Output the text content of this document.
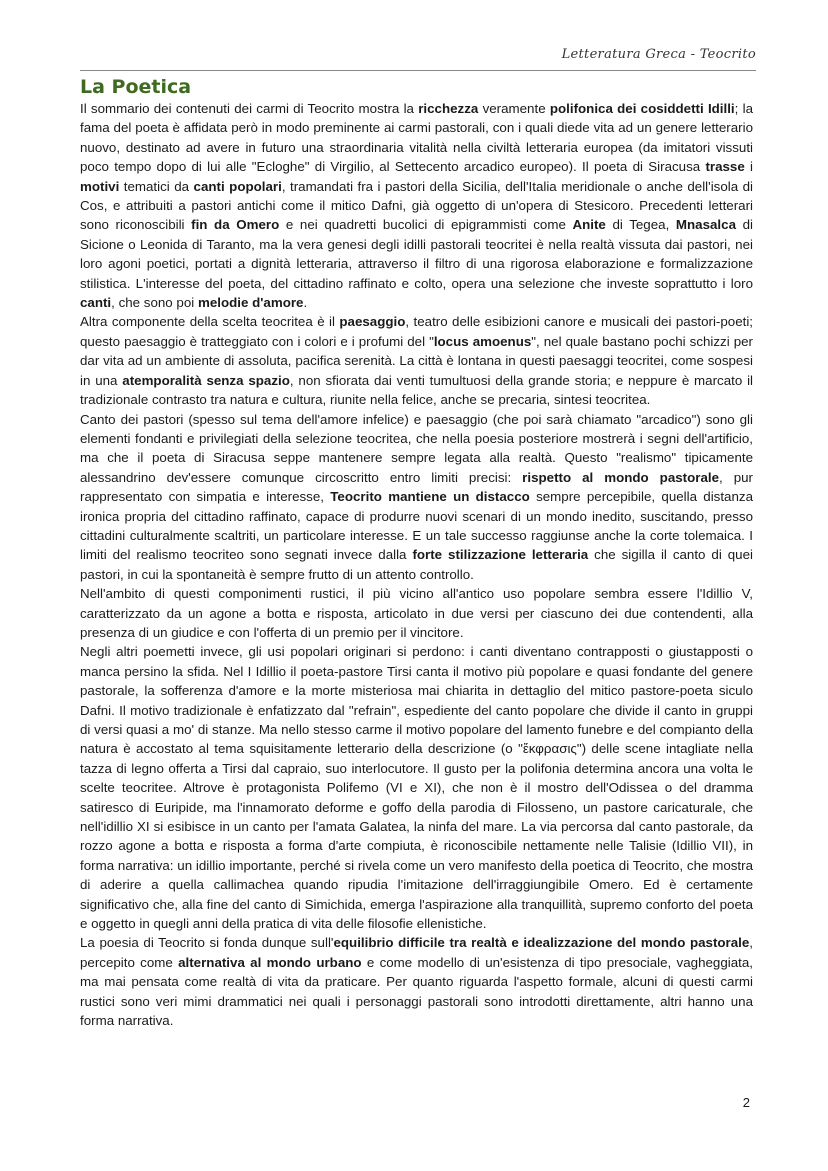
Letteratura Greca - Teocrito
La Poetica

Il sommario dei contenuti dei carmi di Teocrito mostra la ricchezza veramente polifonica dei cosiddetti Idilli; la fama del poeta è affidata però in modo preminente ai carmi pastorali, con i quali diede vita ad un genere letterario nuovo, destinato ad avere in futuro una straordinaria vitalità nella civiltà letteraria europea (da imitatori vissuti poco tempo dopo di lui alle "Ecloghe" di Virgilio, al Settecento arcadico europeo). Il poeta di Siracusa trasse i motivi tematici da canti popolari, tramandati fra i pastori della Sicilia, dell'Italia meridionale o anche dell'isola di Cos, e attribuiti a pastori antichi come il mitico Dafni, già oggetto di un'opera di Stesicoro. Precedenti letterari sono riconoscibili fin da Omero e nei quadretti bucolici di epigrammisti come Anite di Tegea, Mnasalca di Sicione o Leonida di Taranto, ma la vera genesi degli idilli pastorali teocritei è nella realtà vissuta dai pastori, nei loro agoni poetici, portati a dignità letteraria, attraverso il filtro di una rigorosa elaborazione e formalizzazione stilistica. L'interesse del poeta, del cittadino raffinato e colto, opera una selezione che investe soprattutto i loro canti, che sono poi melodie d'amore.

Altra componente della scelta teocritea è il paesaggio, teatro delle esibizioni canore e musicali dei pastori-poeti; questo paesaggio è tratteggiato con i colori e i profumi del "locus amoenus", nel quale bastano pochi schizzi per dar vita ad un ambiente di assoluta, pacifica serenità. La città è lontana in questi paesaggi teocritei, come sospesi in una atemporalità senza spazio, non sfiorata dai venti tumultuosi della grande storia; e neppure è marcato il tradizionale contrasto tra natura e cultura, riunite nella felice, anche se precaria, sintesi teocritea.

Canto dei pastori (spesso sul tema dell'amore infelice) e paesaggio (che poi sarà chiamato "arcadico") sono gli elementi fondanti e privilegiati della selezione teocritea, che nella poesia posteriore mostrerà i segni dell'artificio, ma che il poeta di Siracusa seppe mantenere sempre legata alla realtà. Questo "realismo" tipicamente alessandrino dev'essere comunque circoscritto entro limiti precisi: rispetto al mondo pastorale, pur rappresentato con simpatia e interesse, Teocrito mantiene un distacco sempre percepibile, quella distanza ironica propria del cittadino raffinato, capace di produrre nuovi scenari di un mondo inedito, suscitando, presso cittadini culturalmente scaltriti, un particolare interesse. E un tale successo raggiunse anche la corte tolemaica. I limiti del realismo teocriteo sono segnati invece dalla forte stilizzazione letteraria che sigilla il canto di quei pastori, in cui la spontaneità è sempre frutto di un attento controllo.

Nell'ambito di questi componimenti rustici, il più vicino all'antico uso popolare sembra essere l'Idillio V, caratterizzato da un agone a botta e risposta, articolato in due versi per ciascuno dei due contendenti, alla presenza di un giudice e con l'offerta di un premio per il vincitore.

Negli altri poemetti invece, gli usi popolari originari si perdono: i canti diventano contrapposti o giustapposti o manca persino la sfida. Nel I Idillio il poeta-pastore Tirsi canta il motivo più popolare e quasi fondante del genere pastorale, la sofferenza d'amore e la morte misteriosa mai chiarita in dettaglio del mitico pastore-poeta siculo Dafni. Il motivo tradizionale è enfatizzato dal "refrain", espediente del canto popolare che divide il canto in gruppi di versi quasi a mo' di stanze. Ma nello stesso carme il motivo popolare del lamento funebre e del compianto della natura è accostato al tema squisitamente letterario della descrizione (o "ἔκφρασις") delle scene intagliate nella tazza di legno offerta a Tirsi dal capraio, suo interlocutore. Il gusto per la polifonia determina ancora una volta le scelte teocritee. Altrove è protagonista Polifemo (VI e XI), che non è il mostro dell'Odissea o del dramma satiresco di Euripide, ma l'innamorato deforme e goffo della parodia di Filosseno, un pastore caricaturale, che nell'idillio XI si esibisce in un canto per l'amata Galatea, la ninfa del mare. La via percorsa dal canto pastorale, da rozzo agone a botta e risposta a forma d'arte compiuta, è riconoscibile nettamente nelle Talisie (Idillio VII), in forma narrativa: un idillio importante, perché si rivela come un vero manifesto della poetica di Teocrito, che mostra di aderire a quella callimachea quando ripudia l'imitazione dell'irraggiungibile Omero. Ed è certamente significativo che, alla fine del canto di Simichida, emerga l'aspirazione alla tranquillità, supremo conforto del poeta e oggetto in quegli anni della pratica di vita delle filosofie ellenistiche.

La poesia di Teocrito si fonda dunque sull'equilibrio difficile tra realtà e idealizzazione del mondo pastorale, percepito come alternativa al mondo urbano e come modello di un'esistenza di tipo presociale, vagheggiata, ma mai pensata come realtà di vita da praticare. Per quanto riguarda l'aspetto formale, alcuni di questi carmi rustici sono veri mimi drammatici nei quali i personaggi pastorali sono introdotti direttamente, altri hanno una forma narrativa.

2
